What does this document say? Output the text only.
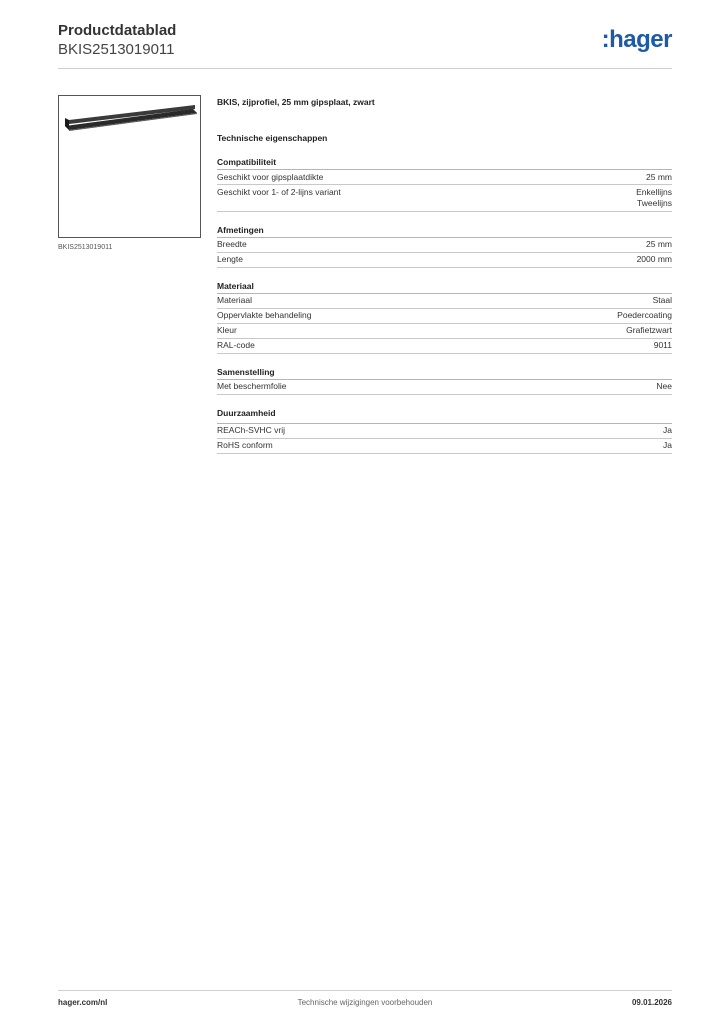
Productdatablad
BKIS2513019011	:hager
BKIS2513019011
BKIS, zijprofiel, 25 mm gipsplaat, zwart
Technische eigenschappen
Compatibiliteit
Geschikt voor gipsplaatdikte	25 mm
Geschikt voor 1- of 2-lijns variant	Enkellijns
Tweelijns
Afmetingen
Breedte	25 mm
Lengte	2000 mm
Materiaal
Materiaal	Staal
Oppervlakte behandeling	Poedercoating
Kleur	Grafietzwart
RAL-code	9011
Samenstelling
Met beschermfolie	Nee
Duurzaamheid
REACh-SVHC vrij	Ja
RoHS conform	Ja
hager.com/nl	Technische wijzigingen voorbehouden	09.01.2026
